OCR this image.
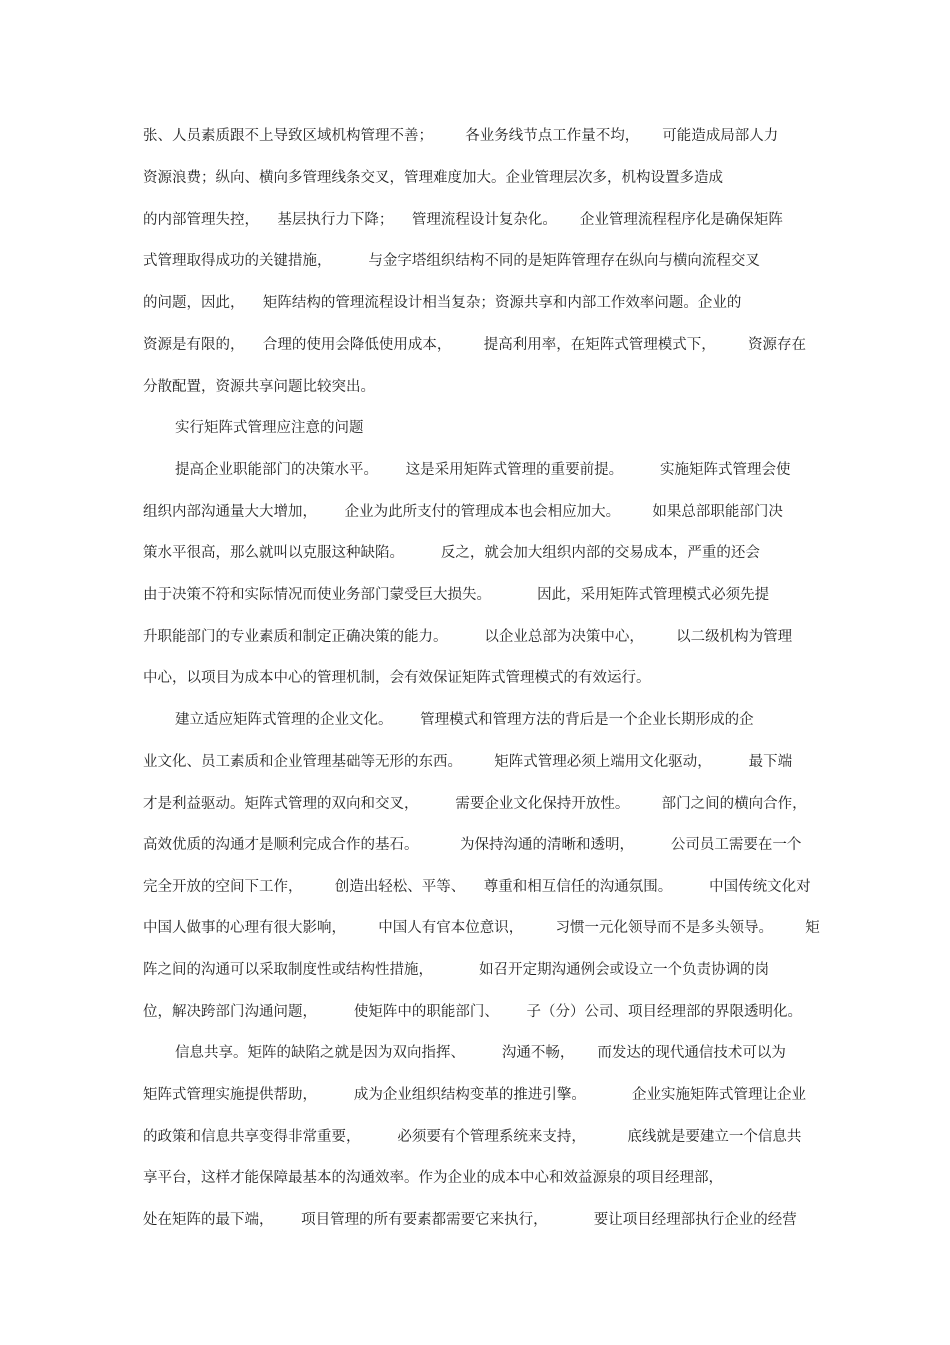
张、人员素质跟不上导致区域机构管理不善；       各业务线节点工作量不均，     可能造成局部人力
资源浪费；纵向、横向多管理线条交叉，管理难度加大。企业管理层次多，机构设置多造成
的内部管理失控，    基层执行力下降；    管理流程设计复杂化。     企业管理流程程序化是确保矩阵
式管理取得成功的关键措施，        与金字塔组织结构不同的是矩阵管理存在纵向与横向流程交叉
的问题，因此，    矩阵结构的管理流程设计相当复杂；资源共享和内部工作效率问题。企业的
资源是有限的，    合理的使用会降低使用成本，       提高利用率，在矩阵式管理模式下，       资源存在
分散配置，资源共享问题比较突出。
实行矩阵式管理应注意的问题
提高企业职能部门的决策水平。      这是采用矩阵式管理的重要前提。        实施矩阵式管理会使
组织内部沟通量大大增加，      企业为此所支付的管理成本也会相应加大。       如果总部职能部门决
策水平很高，那么就叫以克服这种缺陷。        反之，就会加大组织内部的交易成本，严重的还会
由于决策不符和实际情况而使业务部门蒙受巨大损失。          因此，采用矩阵式管理模式必须先提
升职能部门的专业素质和制定正确决策的能力。        以企业总部为决策中心，       以二级机构为管理
中心，以项目为成本中心的管理机制，会有效保证矩阵式管理模式的有效运行。
建立适应矩阵式管理的企业文化。      管理模式和管理方法的背后是一个企业长期形成的企
业文化、员工素质和企业管理基础等无形的东西。       矩阵式管理必须上端用文化驱动，        最下端
才是利益驱动。矩阵式管理的双向和交叉，        需要企业文化保持开放性。       部门之间的横向合作，
高效优质的沟通才是顺利完成合作的基石。         为保持沟通的清晰和透明，        公司员工需要在一个
完全开放的空间下工作，       创造出轻松、平等、    尊重和相互信任的沟通氛围。        中国传统文化对
中国人做事的心理有很大影响，       中国人有官本位意识，       习惯一元化领导而不是多头领导。       矩
阵之间的沟通可以采取制度性或结构性措施，          如召开定期沟通例会或设立一个负责协调的岗
位，解决跨部门沟通问题，        使矩阵中的职能部门、      子（分）公司、项目经理部的界限透明化。
信息共享。矩阵的缺陷之就是因为双向指挥、        沟通不畅，     而发达的现代通信技术可以为
矩阵式管理实施提供帮助，        成为企业组织结构变革的推进引擎。          企业实施矩阵式管理让企业
的政策和信息共享变得非常重要，        必须要有个管理系统来支持，         底线就是要建立一个信息共
享平台，这样才能保障最基本的沟通效率。作为企业的成本中心和效益源泉的项目经理部，
处在矩阵的最下端，      项目管理的所有要素都需要它来执行，          要让项目经理部执行企业的经营
